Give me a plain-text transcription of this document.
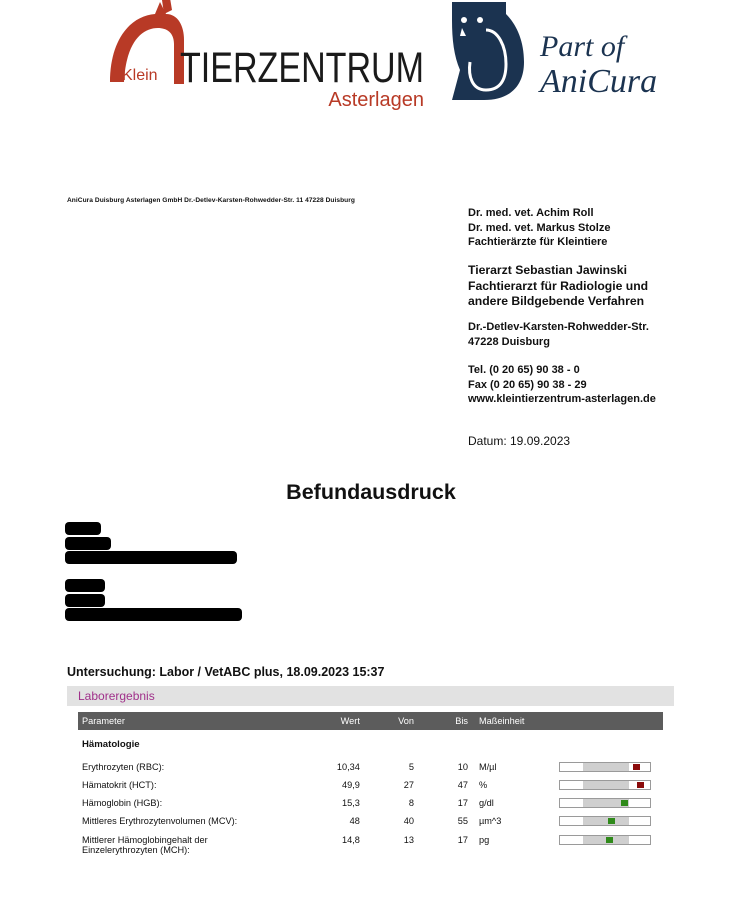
Klein TIERZENTRUM
Asterlagen
Part of
AniCura
AniCura Duisburg Asterlagen GmbH Dr.-Detlev-Karsten-Rohwedder-Str. 11 47228 Duisburg
Dr. med. vet. Achim Roll
Dr. med. vet. Markus Stolze
Fachtierärzte für Kleintiere
Tierarzt Sebastian Jawinski
Fachtierarzt für Radiologie und
andere Bildgebende Verfahren
Dr.-Detlev-Karsten-Rohwedder-Str.
47228 Duisburg
Tel. (0 20 65) 90 38 - 0
Fax (0 20 65) 90 38 - 29
www.kleintierzentrum-asterlagen.de
Datum: 19.09.2023
Befundausdruck
Untersuchung: Labor / VetABC plus, 18.09.2023 15:37
Laborergebnis
Parameter	Wert	Von	Bis	Maßeinheit	
Hämatologie					
Erythrozyten (RBC):	10,34	5	10	M/µl	

Hämatokrit (HCT):	49,9	27	47	%	

Hämoglobin (HGB):	15,3	8	17	g/dl	

Mittleres Erythrozytenvolumen (MCV):	48	40	55	µm^3	

Mittlerer Hämoglobingehalt der
Einzelerythrozyten (MCH):	14,8	13	17	pg	
